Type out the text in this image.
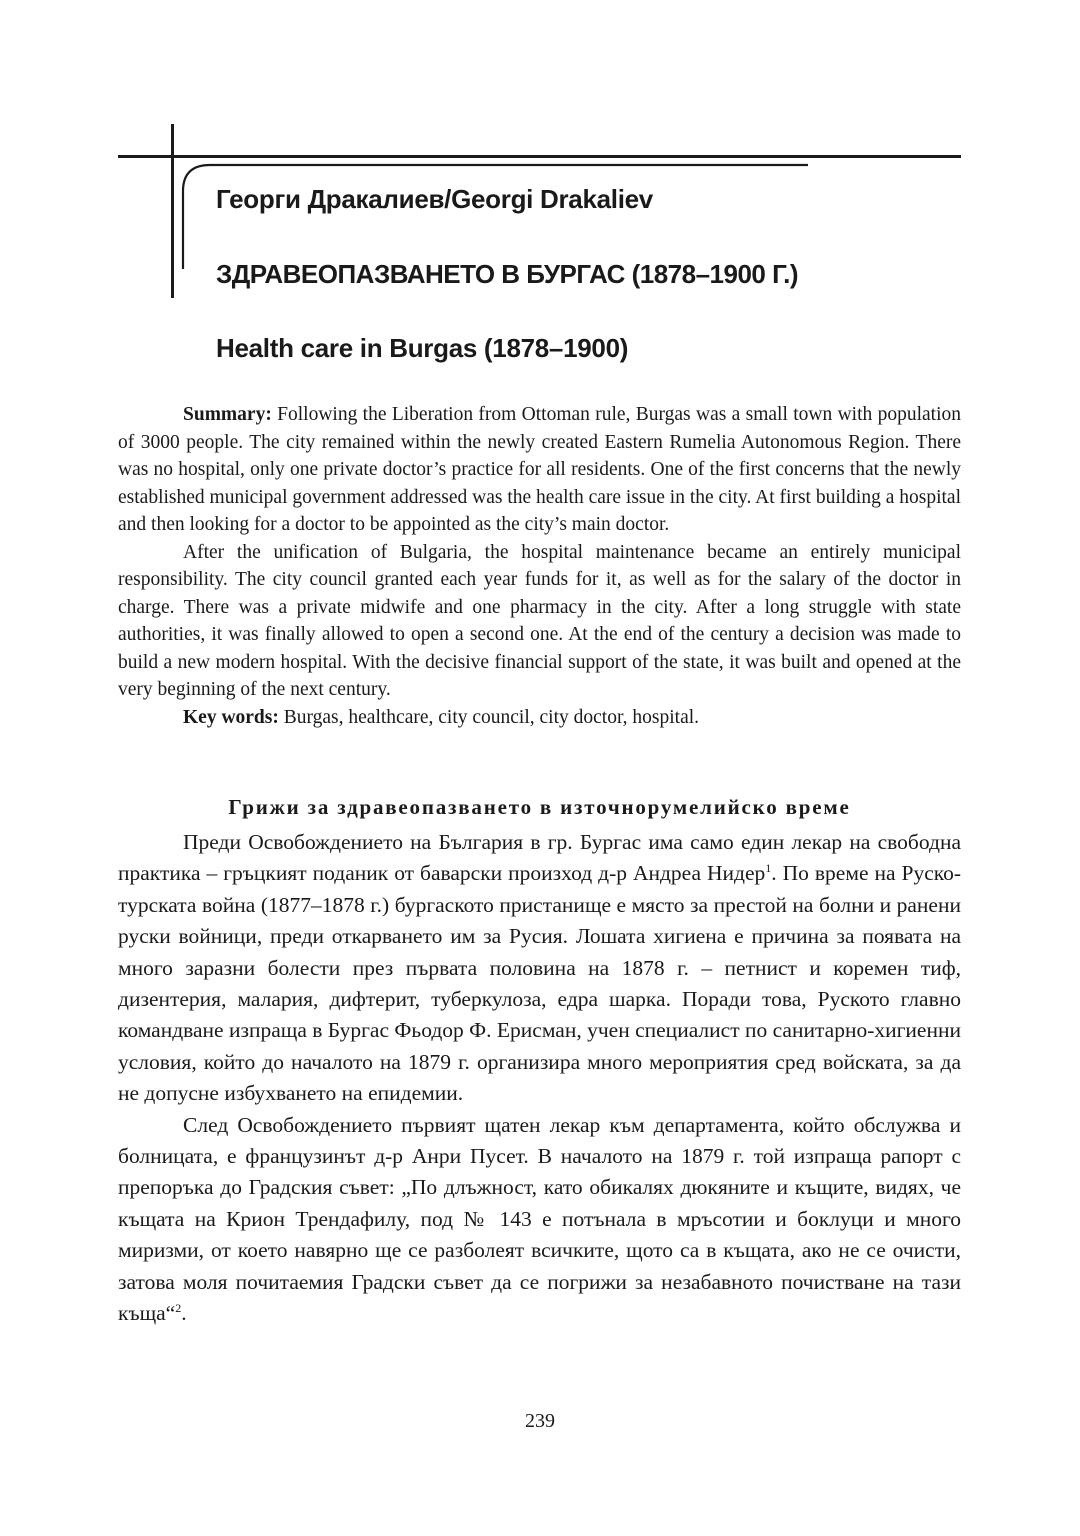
Георги Дракалиев/Georgi Drakaliev
ЗДРАВЕОПАЗВАНЕТО В БУРГАС (1878–1900 Г.)
Health care in Burgas (1878–1900)

Summary: Following the Liberation from Ottoman rule, Burgas was a small town with population of 3000 people. The city remained within the newly created Eastern Rumelia Autonomous Region. There was no hospital, only one private doctor’s practice for all residents. One of the first concerns that the newly established municipal government addressed was the health care issue in the city. At first building a hospital and then looking for a doctor to be appointed as the city’s main doctor.

After the unification of Bulgaria, the hospital maintenance became an entirely municipal responsibility. The city council granted each year funds for it, as well as for the salary of the doctor in charge. There was a private midwife and one pharmacy in the city. After a long struggle with state authorities, it was finally allowed to open a second one. At the end of the century a decision was made to build a new modern hospital. With the decisive financial support of the state, it was built and opened at the very beginning of the next century.

Key words: Burgas, healthcare, city council, city doctor, hospital.

Грижи за здравеопазването в източнорумелийско време

Преди Освобождението на България в гр. Бургас има само един лекар на свободна практика – гръцкият поданик от баварски произход д-р Андреа Нидер$^1$. По време на Руско-турската война (1877–1878 г.) бургаското пристанище е място за престой на болни и ранени руски войници, преди откарването им за Русия. Лошата хигиена е причина за появата на много заразни болести през първата половина на 1878 г. – петнист и коремен тиф, дизентерия, малария, дифтерит, туберкулоза, едра шарка. Поради това, Руското главно командване изпраща в Бургас Фьодор Ф. Ерисман, учен специалист по санитарно-хигиенни условия, който до началото на 1879 г. организира много мероприятия сред войската, за да не допусне избухването на епидемии.

След Освобождението първият щатен лекар към департамента, който обслужва и болницата, е французинът д-р Анри Пусет. В началото на 1879 г. той изпраща рапорт с препоръка до Градския съвет: „По длъжност, като обикалях дюкяните и къщите, видях, че къщата на Крион Трендафилу, под № 143 е потънала в мръсотии и боклуци и много миризми, от което навярно ще се разболеят всичките, щото са в къщата, ако не се очисти, затова моля почитаемия Градски съвет да се погрижи за незабавното почистване на тази къща“$^2$.

239
